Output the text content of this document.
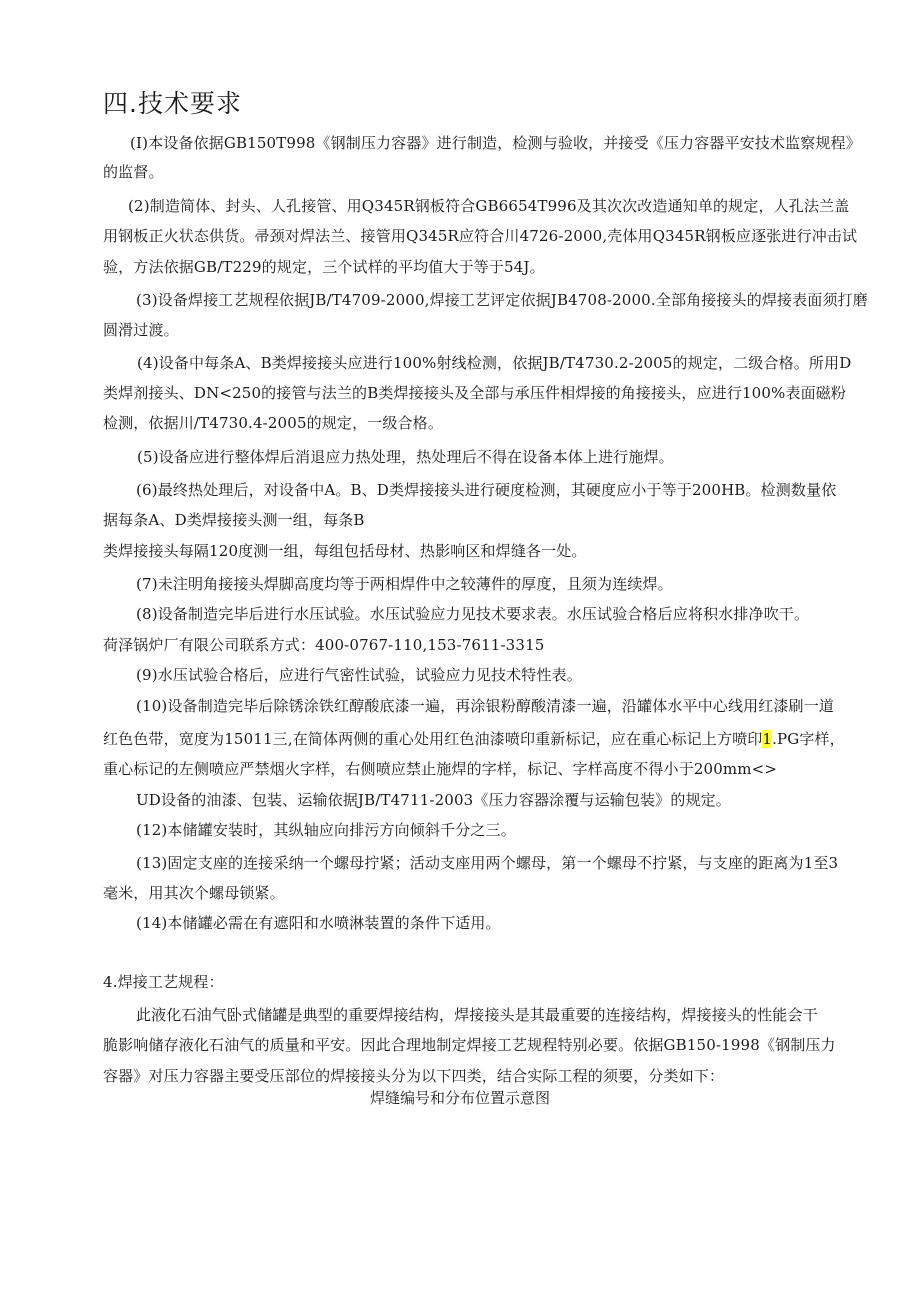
四.技术要求
(I)本设备依据GB150T998《钢制压力容器》进行制造，检测与验收，并接受《压力容器平安技术监察规程》
的监督。
(2)制造简体、封头、人孔接管、用Q345R钢板符合GB6654T996及其次次改造通知单的规定，人孔法兰盖
用钢板正火状态供货。帚颈对焊法兰、接管用Q345R应符合川4726-2000,壳体用Q345R钢板应逐张进行冲击试
验，方法依据GB/T229的规定，三个试样的平均值大于等于54J。
(3)设备焊接工艺规程依据JB/T4709-2000,焊接工艺评定依据JB4708-2000.全部角接接头的焊接表面须打磨
圆滑过渡。
(4)设备中每条A、B类焊接接头应进行100%射线检测，依据JB/T4730.2-2005的规定，二级合格。所用D
类焊剂接头、DN<250的接管与法兰的B类焊接接头及全部与承压件相焊接的角接接头，应进行100%表面磁粉
检测，依据川/T4730.4-2005的规定，一级合格。
(5)设备应进行整体焊后消退应力热处理，热处理后不得在设备本体上进行施焊。
(6)最终热处理后，对设备中A。B、D类焊接接头进行硬度检测，其硬度应小于等于200HB。检测数量依
据每条A、D类焊接接头测一组，每条B
类焊接接头每隔120度测一组，每组包括母材、热影响区和焊缝各一处。
(7)未注明角接接头焊脚高度均等于两相焊件中之较薄件的厚度，且须为连续焊。
(8)设备制造完毕后进行水压试验。水压试验应力见技术要求表。水压试验合格后应将积水排净吹干。
荷泽锅炉厂有限公司联系方式：400-0767-110,153-7611-3315
(9)水压试验合格后，应进行气密性试验，试验应力见技术特性表。
(10)设备制造完毕后除锈涂铁红醇酸底漆一遍，再涂银粉醇酸清漆一遍，沿罐体水平中心线用红漆刷一道
红色色带，宽度为15011三,在简体两侧的重心处用红色油漆喷印重新标记，应在重心标记上方喷印1.PG字样，
重心标记的左侧喷应严禁烟火字样，右侧喷应禁止施焊的字样，标记、字样高度不得小于200mm<>
UD设备的油漆、包装、运输依据JB/T4711-2003《压力容器涂覆与运输包装》的规定。
(12)本储罐安装时，其纵轴应向排污方向倾斜千分之三。
(13)固定支座的连接采纳一个螺母拧紧；活动支座用两个螺母，第一个螺母不拧紧，与支座的距离为1至3
毫米，用其次个螺母锁紧。
(14)本储罐必需在有遮阳和水喷淋装置的条件下适用。
4.焊接工艺规程：
此液化石油气卧式储罐是典型的重要焊接结构，焊接接头是其最重要的连接结构，焊接接头的性能会干
脆影响储存液化石油气的质量和平安。因此合理地制定焊接工艺规程特别必要。依据GB150-1998《钢制压力
容器》对压力容器主要受压部位的焊接接头分为以下四类，结合实际工程的须要，分类如下：
焊缝编号和分布位置示意图
